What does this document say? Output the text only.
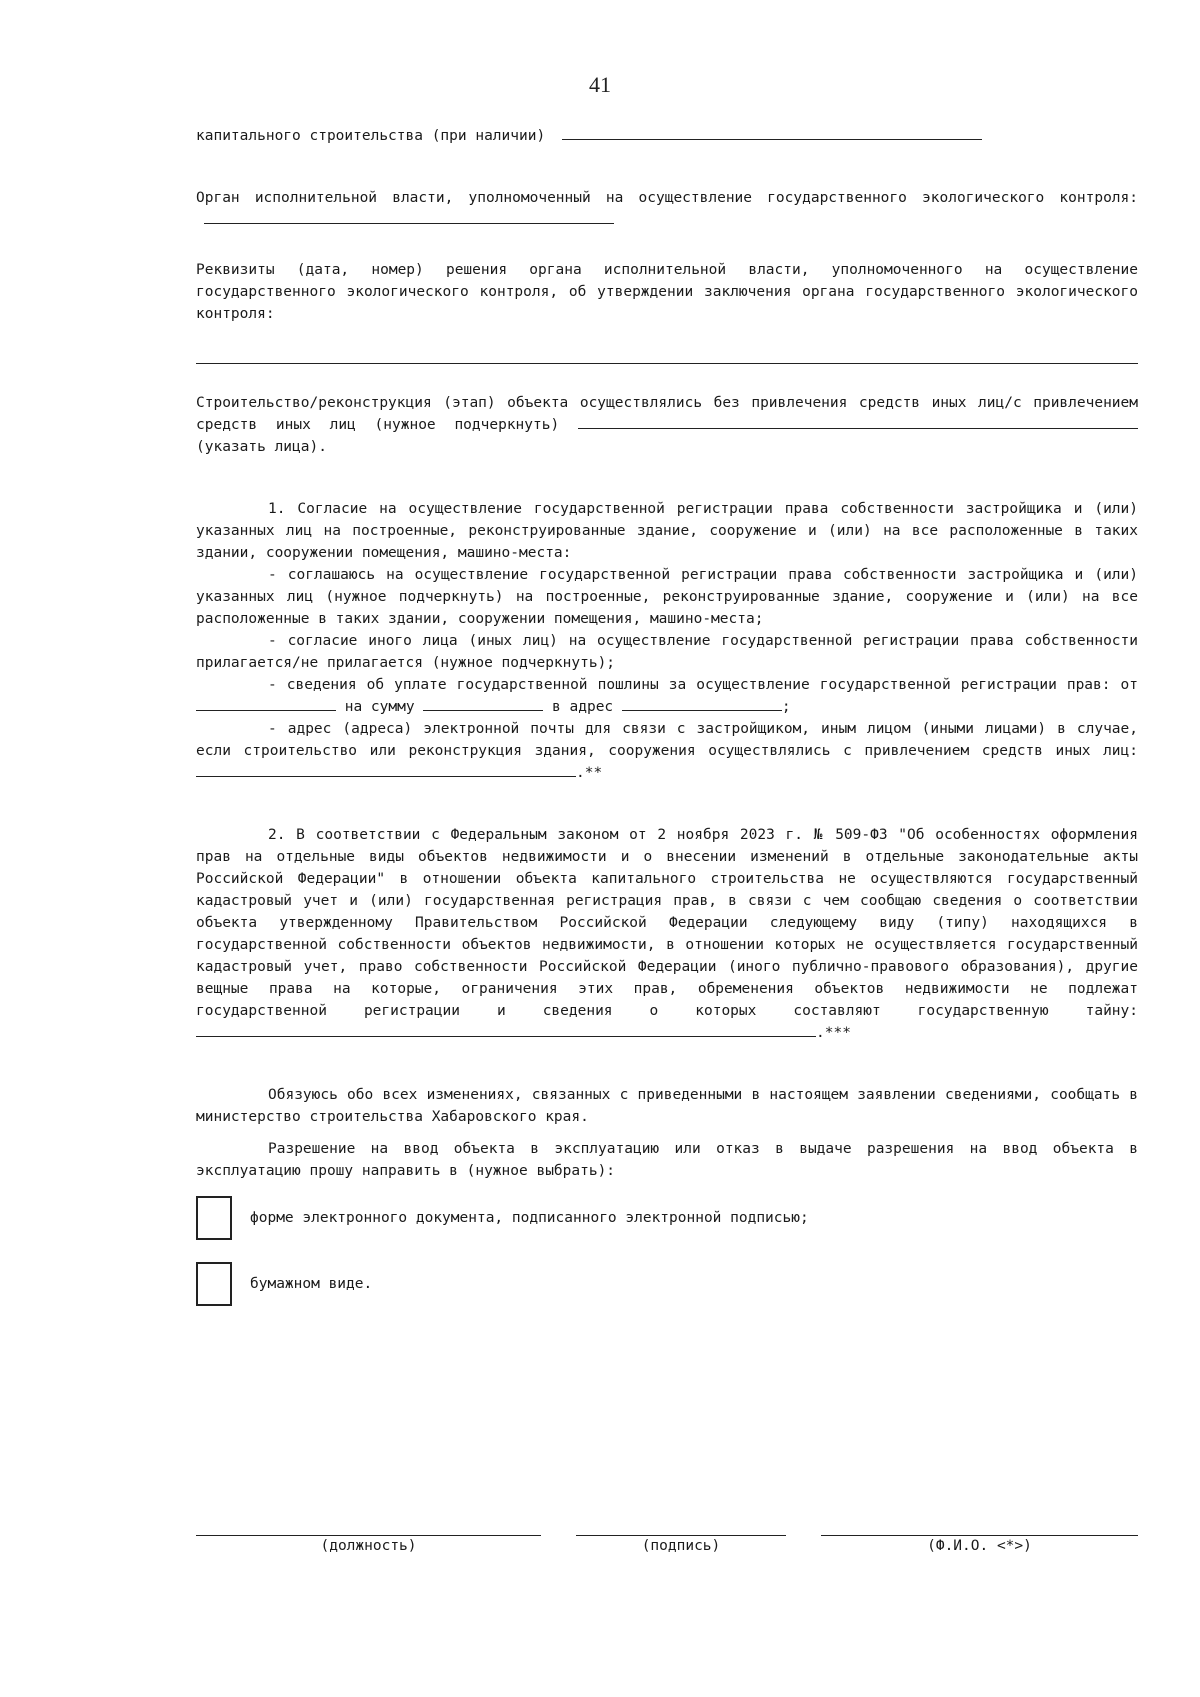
41

капитального строительства (при наличии)

Орган исполнительной власти, уполномоченный на осуществление государственного экологического контроля:

Реквизиты (дата, номер) решения органа исполнительной власти, уполномоченного на осуществление государственного экологического контроля, об утверждении заключения органа государственного экологического контроля:

Строительство/реконструкция (этап) объекта осуществлялись без привлечения средств иных лиц/с привлечением средств иных лиц (нужное подчеркнуть)  (указать лица).

1. Согласие на осуществление государственной регистрации права собственности застройщика и (или) указанных лиц на построенные, реконструированные здание, сооружение и (или) на все расположенные в таких здании, сооружении помещения, машино-места:

- соглашаюсь на осуществление государственной регистрации права собственности застройщика и (или) указанных лиц (нужное подчеркнуть) на построенные, реконструированные здание, сооружение и (или) на все расположенные в таких здании, сооружении помещения, машино-места;

- согласие иного лица (иных лиц) на осуществление государственной регистрации права собственности прилагается/не прилагается (нужное подчеркнуть);

- сведения об уплате государственной пошлины за осуществление государственной регистрации прав: от  на сумму	в адрес	;

- адрес (адреса) электронной почты для связи с застройщиком, иным лицом (иными лицами) в случае, если строительство или реконструкция здания, сооружения осуществлялись с привлечением средств иных лиц: .**

2. В соответствии с Федеральным законом от 2 ноября 2023 г. № 509-ФЗ "Об особенностях оформления прав на отдельные виды объектов недвижимости и о внесении изменений в отдельные законодательные акты Российской Федерации" в отношении объекта капитального строительства не осуществляются государственный кадастровый учет и (или) государственная регистрация прав, в связи с чем сообщаю сведения о соответствии объекта утвержденному Правительством Российской Федерации следующему виду (типу) находящихся в государственной собственности объектов недвижимости, в отношении которых не осуществляется государственный кадастровый учет, право собственности Российской Федерации (иного публично-правового образования), другие вещные права на которые, ограничения этих прав, обременения объектов недвижимости не подлежат государственной регистрации и сведения о которых составляют государственную тайну: .***

Обязуюсь обо всех изменениях, связанных с приведенными в настоящем заявлении сведениями, сообщать в министерство строительства Хабаровского края.

Разрешение на ввод объекта в эксплуатацию или отказ в выдаче разрешения на ввод объекта в эксплуатацию прошу направить в (нужное выбрать):

форме электронного документа, подписанного электронной подписью;
бумажном виде.
(должность)	(подпись)	(Ф.И.О. <*>)
